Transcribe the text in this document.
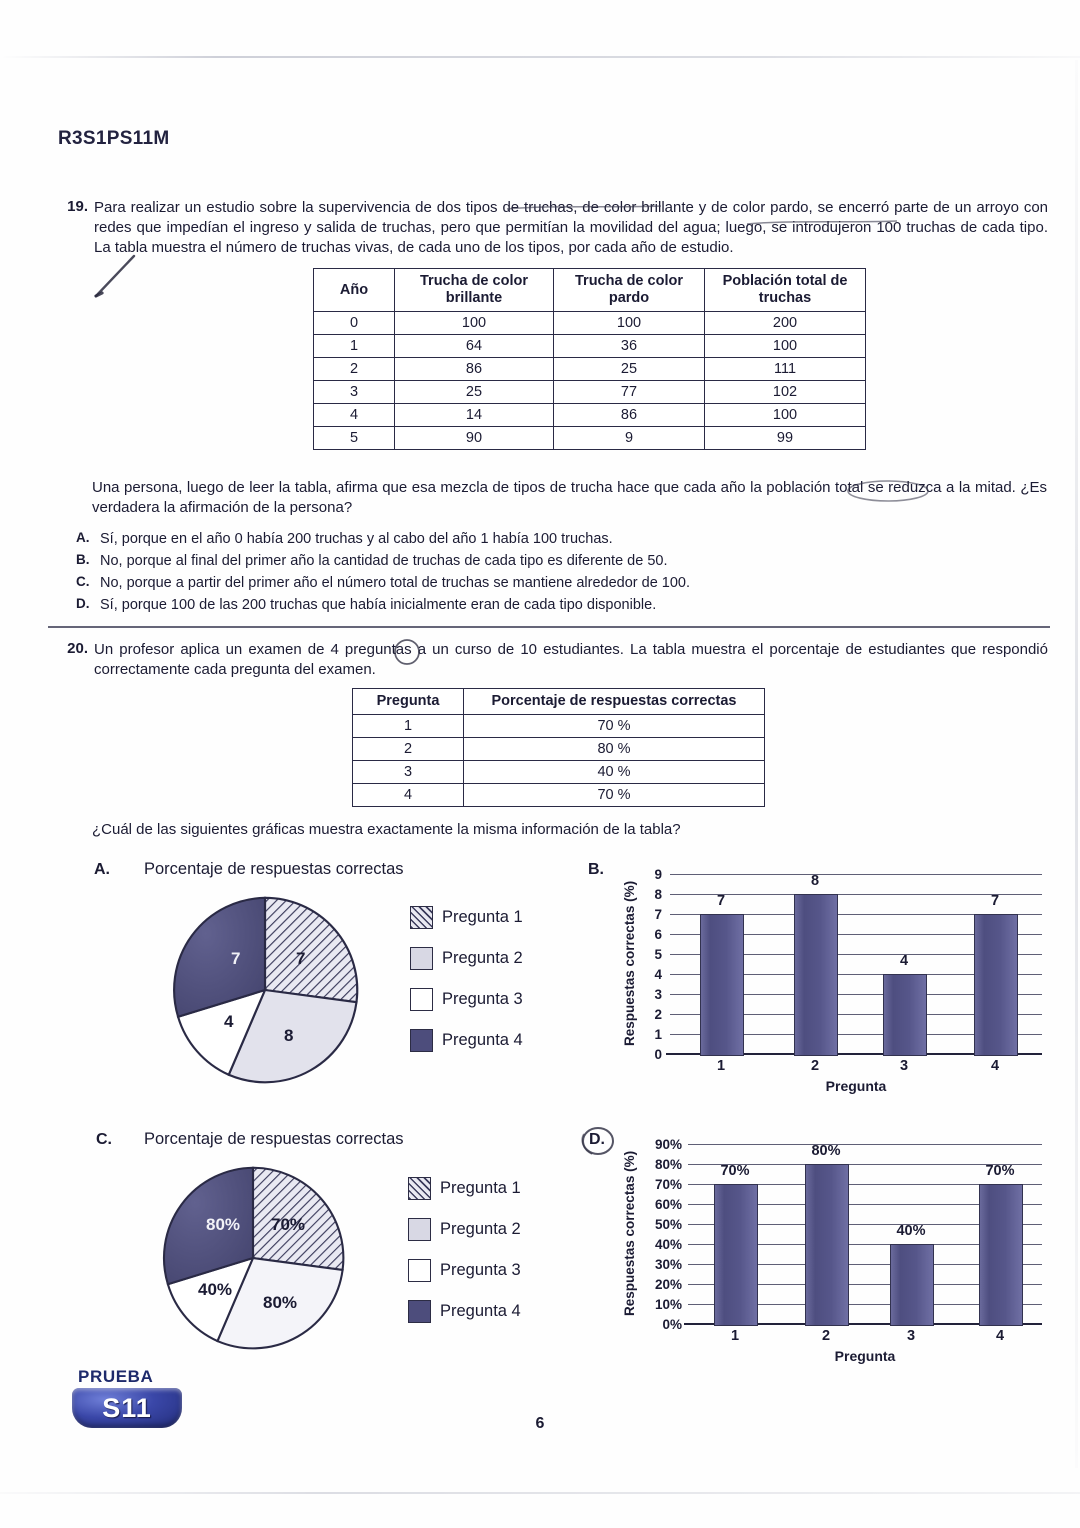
R3S1PS11M
19. Para realizar un estudio sobre la supervivencia de dos tipos de truchas, de color brillante y de color pardo, se encerró parte de un arroyo con redes que impedían el ingreso y salida de truchas, pero que permitían la movilidad del agua; luego, se introdujeron 100 truchas de cada tipo. La tabla muestra el número de truchas vivas, de cada uno de los tipos, por cada año de estudio.
Año	Trucha de color brillante	Trucha de color pardo	Población total de truchas
0	100	100	200
1	64	36	100
2	86	25	111
3	25	77	102
4	14	86	100
5	90	9	99
Una persona, luego de leer la tabla, afirma que esa mezcla de tipos de trucha hace que cada año la población total se reduzca a la mitad. ¿Es verdadera la afirmación de la persona?
A. Sí, porque en el año 0 había 200 truchas y al cabo del año 1 había 100 truchas.
B. No, porque al final del primer año la cantidad de truchas de cada tipo es diferente de 50.
C. No, porque a partir del primer año el número total de truchas se mantiene alrededor de 100.
D. Sí, porque 100 de las 200 truchas que había inicialmente eran de cada tipo disponible.
20. Un profesor aplica un examen de 4 preguntas a un curso de 10 estudiantes. La tabla muestra el porcentaje de estudiantes que respondió correctamente cada pregunta del examen.
Pregunta	Porcentaje de respuestas correctas
1	70 %
2	80 %
3	40 %
4	70 %
¿Cuál de las siguientes gráficas muestra exactamente la misma información de la tabla?
A. Porcentaje de respuestas correctas
7
8
4
7
Pregunta 1
Pregunta 2
Pregunta 3
Pregunta 4
B.
Respuestas correctas (%)
9
8
7
6
5
4
3
2
1
0
7
8
4
7
1	2	3	4
Pregunta
C. Porcentaje de respuestas correctas
70%
80%
40%
80%
Pregunta 1
Pregunta 2
Pregunta 3
Pregunta 4
D.
Respuestas correctas (%)
90%
80%
70%
60%
50%
40%
30%
20%
10%
0%
70%
80%
40%
70%
1	2	3	4
Pregunta
PRUEBA
S11
6
